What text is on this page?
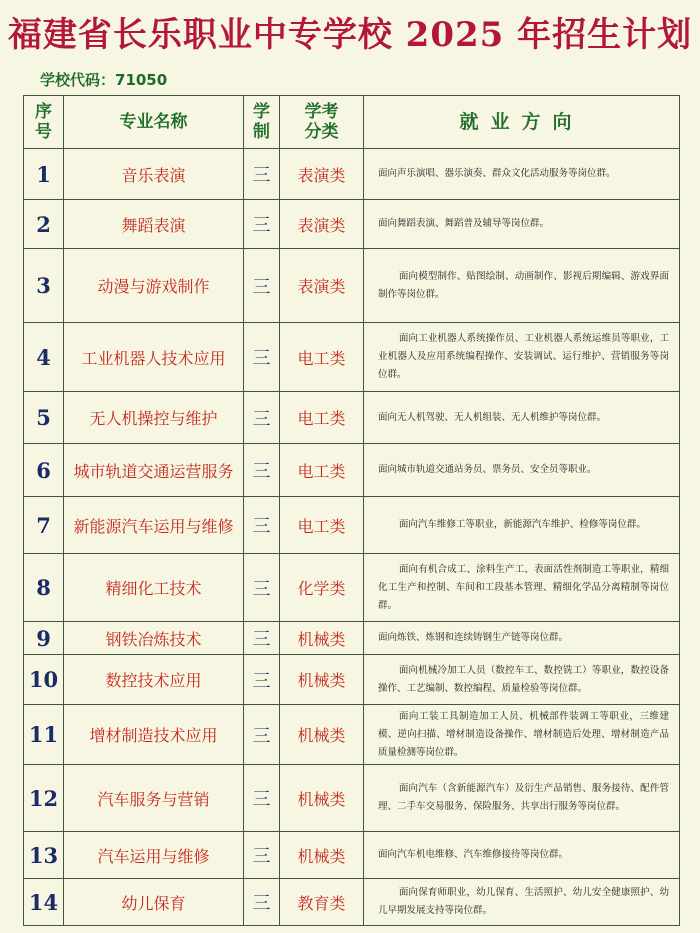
福建省长乐职业中专学校 2025 年招生计划
学校代码：71050
序号	专业名称	学制	学考分类	就业方向
1	音乐表演	三	表演类	面向声乐演唱、器乐演奏、群众文化活动服务等岗位群。
2	舞蹈表演	三	表演类	面向舞蹈表演、舞蹈普及辅导等岗位群。
3	动漫与游戏制作	三	表演类	面向模型制作、贴图绘制、动画制作、影视后期编辑、游戏界面制作等岗位群。
4	工业机器人技术应用	三	电工类	面向工业机器人系统操作员、工业机器人系统运维员等职业，工业机器人及应用系统编程操作、安装调试、运行维护、营销服务等岗位群。
5	无人机操控与维护	三	电工类	面向无人机驾驶、无人机组装、无人机维护等岗位群。
6	城市轨道交通运营服务	三	电工类	面向城市轨道交通站务员、票务员、安全员等职业。
7	新能源汽车运用与维修	三	电工类	面向汽车维修工等职业，新能源汽车维护、检修等岗位群。
8	精细化工技术	三	化学类	面向有机合成工、涂料生产工、表面活性剂制造工等职业，精细化工生产和控制、车间和工段基本管理、精细化学品分离精制等岗位群。
9	钢铁冶炼技术	三	机械类	面向炼铁、炼钢和连续铸钢生产链等岗位群。
10	数控技术应用	三	机械类	面向机械冷加工人员（数控车工、数控铣工）等职业，数控设备操作、工艺编制、数控编程、质量检验等岗位群。
11	增材制造技术应用	三	机械类	面向工装工具制造加工人员、机械部件装调工等职业，三维建模、逆向扫描、增材制造设备操作、增材制造后处理、增材制造产品质量检测等岗位群。
12	汽车服务与营销	三	机械类	面向汽车（含新能源汽车）及衍生产品销售、服务接待、配件管理、二手车交易服务、保险服务、共享出行服务等岗位群。
13	汽车运用与维修	三	机械类	面向汽车机电维修、汽车维修接待等岗位群。
14	幼儿保育	三	教育类	面向保育师职业，幼儿保育、生活照护、幼儿安全健康照护、幼儿早期发展支持等岗位群。
